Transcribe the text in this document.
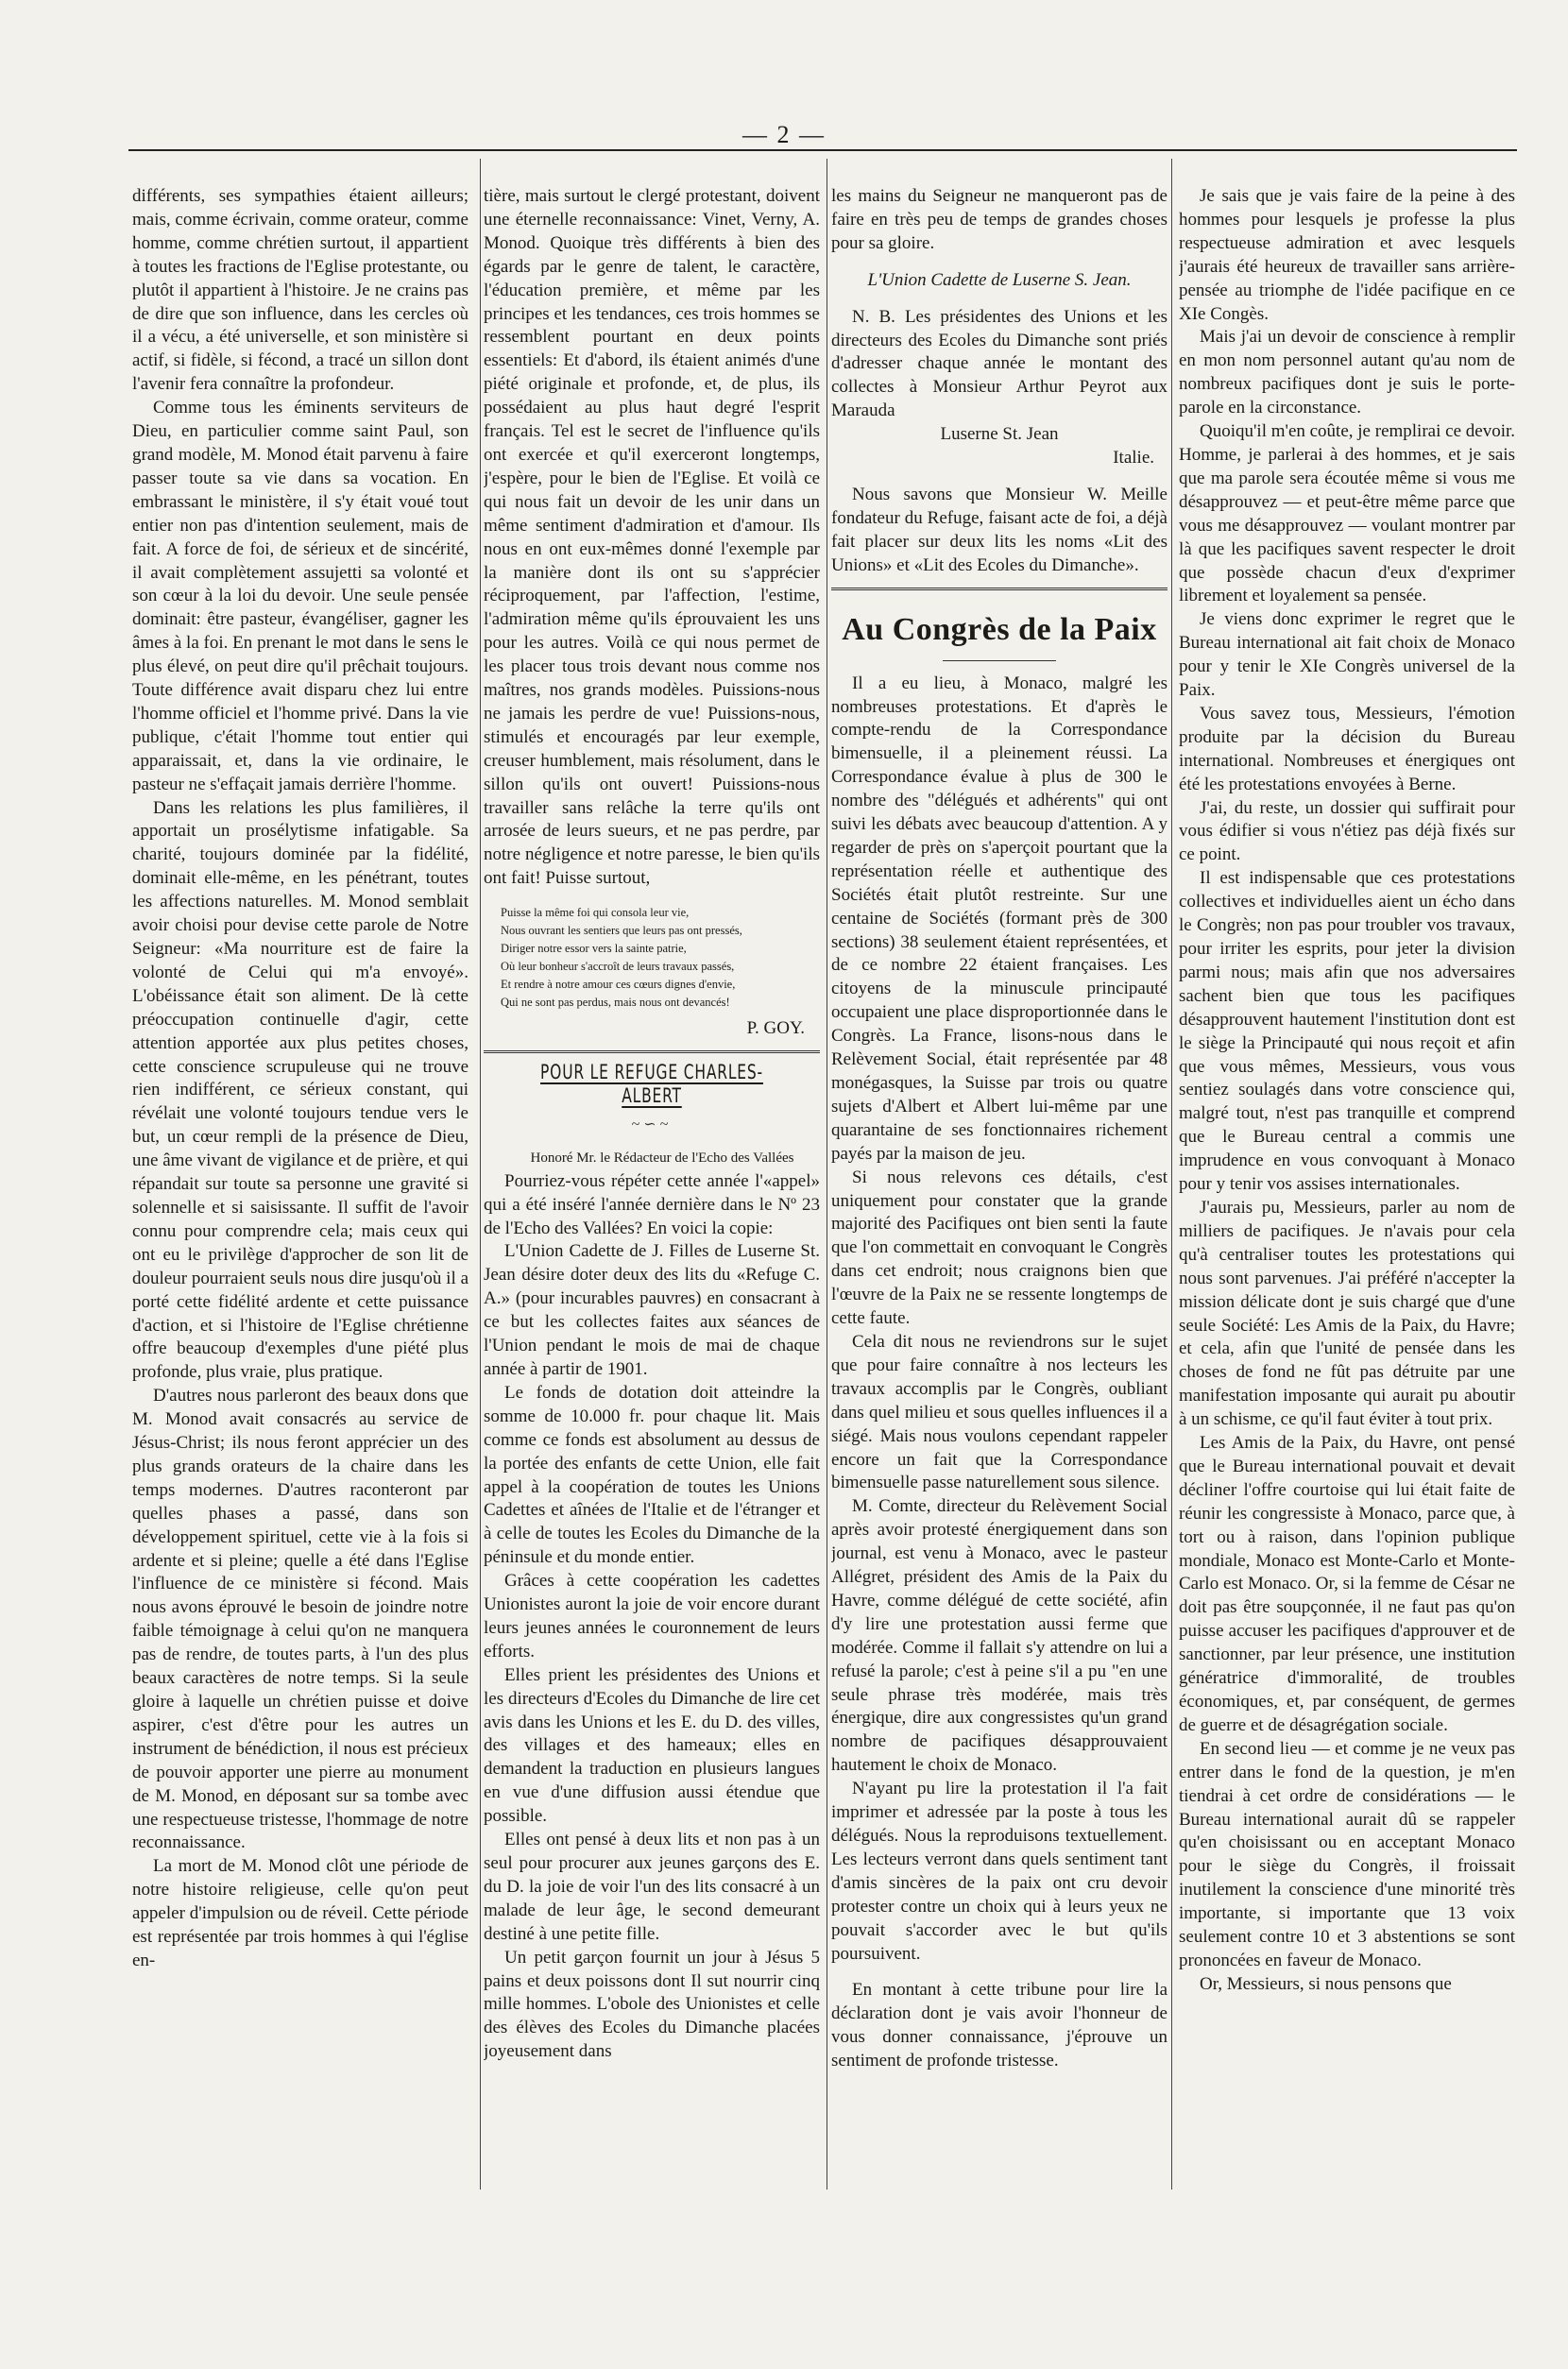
— 2 —

différents, ses sympathies étaient ailleurs; mais, comme écrivain, comme orateur, comme homme, comme chrétien surtout, il appartient à toutes les fractions de l'Eglise protestante, ou plutôt il appartient à l'histoire. Je ne crains pas de dire que son influence, dans les cercles où il a vécu, a été universelle, et son ministère si actif, si fidèle, si fécond, a tracé un sillon dont l'avenir fera connaître la profondeur.

Comme tous les éminents serviteurs de Dieu, en particulier comme saint Paul, son grand modèle, M. Monod était parvenu à faire passer toute sa vie dans sa vocation. En embrassant le ministère, il s'y était voué tout entier non pas d'intention seulement, mais de fait. A force de foi, de sérieux et de sincérité, il avait complètement assujetti sa volonté et son cœur à la loi du devoir. Une seule pensée dominait: être pasteur, évangéliser, gagner les âmes à la foi. En prenant le mot dans le sens le plus élevé, on peut dire qu'il prêchait toujours. Toute différence avait disparu chez lui entre l'homme officiel et l'homme privé. Dans la vie publique, c'était l'homme tout entier qui apparaissait, et, dans la vie ordinaire, le pasteur ne s'effaçait jamais derrière l'homme.

Dans les relations les plus familières, il apportait un prosélytisme infatigable. Sa charité, toujours dominée par la fidélité, dominait elle-même, en les pénétrant, toutes les affections naturelles. M. Monod semblait avoir choisi pour devise cette parole de Notre Seigneur: «Ma nourriture est de faire la volonté de Celui qui m'a envoyé». L'obéissance était son aliment. De là cette préoccupation continuelle d'agir, cette attention apportée aux plus petites choses, cette conscience scrupuleuse qui ne trouve rien indifférent, ce sérieux constant, qui révélait une volonté toujours tendue vers le but, un cœur rempli de la présence de Dieu, une âme vivant de vigilance et de prière, et qui répandait sur toute sa personne une gravité si solennelle et si saisissante. Il suffit de l'avoir connu pour comprendre cela; mais ceux qui ont eu le privilège d'approcher de son lit de douleur pourraient seuls nous dire jusqu'où il a porté cette fidélité ardente et cette puissance d'action, et si l'histoire de l'Eglise chrétienne offre beaucoup d'exemples d'une piété plus profonde, plus vraie, plus pratique.

D'autres nous parleront des beaux dons que M. Monod avait consacrés au service de Jésus-Christ; ils nous feront apprécier un des plus grands orateurs de la chaire dans les temps modernes. D'autres raconteront par quelles phases a passé, dans son développement spirituel, cette vie à la fois si ardente et si pleine; quelle a été dans l'Eglise l'influence de ce ministère si fécond. Mais nous avons éprouvé le besoin de joindre notre faible témoignage à celui qu'on ne manquera pas de rendre, de toutes parts, à l'un des plus beaux caractères de notre temps. Si la seule gloire à laquelle un chrétien puisse et doive aspirer, c'est d'être pour les autres un instrument de bénédiction, il nous est précieux de pouvoir apporter une pierre au monument de M. Monod, en déposant sur sa tombe avec une respectueuse tristesse, l'hommage de notre reconnaissance.

La mort de M. Monod clôt une période de notre histoire religieuse, celle qu'on peut appeler d'impulsion ou de réveil. Cette période est représentée par trois hommes à qui l'église en-

tière, mais surtout le clergé protestant, doivent une éternelle reconnaissance: Vinet, Verny, A. Monod. Quoique très différents à bien des égards par le genre de talent, le caractère, l'éducation première, et même par les principes et les tendances, ces trois hommes se ressemblent pourtant en deux points essentiels: Et d'abord, ils étaient animés d'une piété originale et profonde, et, de plus, ils possédaient au plus haut degré l'esprit français. Tel est le secret de l'influence qu'ils ont exercée et qu'il exerceront longtemps, j'espère, pour le bien de l'Eglise. Et voilà ce qui nous fait un devoir de les unir dans un même sentiment d'admiration et d'amour. Ils nous en ont eux-mêmes donné l'exemple par la manière dont ils ont su s'apprécier réciproquement, par l'affection, l'estime, l'admiration même qu'ils éprouvaient les uns pour les autres. Voilà ce qui nous permet de les placer tous trois devant nous comme nos maîtres, nos grands modèles. Puissions-nous ne jamais les perdre de vue! Puissions-nous, stimulés et encouragés par leur exemple, creuser humblement, mais résolument, dans le sillon qu'ils ont ouvert! Puissions-nous travailler sans relâche la terre qu'ils ont arrosée de leurs sueurs, et ne pas perdre, par notre négligence et notre paresse, le bien qu'ils ont fait! Puisse surtout,

Puisse la même foi qui consola leur vie,
Nous ouvrant les sentiers que leurs pas ont pressés,
Diriger notre essor vers la sainte patrie,
Où leur bonheur s'accroît de leurs travaux passés,
Et rendre à notre amour ces cœurs dignes d'envie,
Qui ne sont pas perdus, mais nous ont devancés!
P. GOY.
POUR LE REFUGE CHARLES-ALBERT
~∽~

Honoré Mr. le Rédacteur de l'Echo des Vallées

Pourriez-vous répéter cette année l'«appel» qui a été inséré l'année dernière dans le Nº 23 de l'Echo des Vallées? En voici la copie:

L'Union Cadette de J. Filles de Luserne St. Jean désire doter deux des lits du «Refuge C. A.» (pour incurables pauvres) en consacrant à ce but les collectes faites aux séances de l'Union pendant le mois de mai de chaque année à partir de 1901.

Le fonds de dotation doit atteindre la somme de 10.000 fr. pour chaque lit. Mais comme ce fonds est absolument au dessus de la portée des enfants de cette Union, elle fait appel à la coopération de toutes les Unions Cadettes et aînées de l'Italie et de l'étranger et à celle de toutes les Ecoles du Dimanche de la péninsule et du monde entier.

Grâces à cette coopération les cadettes Unionistes auront la joie de voir encore durant leurs jeunes années le couronnement de leurs efforts.

Elles prient les présidentes des Unions et les directeurs d'Ecoles du Dimanche de lire cet avis dans les Unions et les E. du D. des villes, des villages et des hameaux; elles en demandent la traduction en plusieurs langues en vue d'une diffusion aussi étendue que possible.

Elles ont pensé à deux lits et non pas à un seul pour procurer aux jeunes garçons des E. du D. la joie de voir l'un des lits consacré à un malade de leur âge, le second demeurant destiné à une petite fille.

Un petit garçon fournit un jour à Jésus 5 pains et deux poissons dont Il sut nourrir cinq mille hommes. L'obole des Unionistes et celle des élèves des Ecoles du Dimanche placées joyeusement dans

les mains du Seigneur ne manqueront pas de faire en très peu de temps de grandes choses pour sa gloire.

L'Union Cadette de Luserne S. Jean.

N. B. Les présidentes des Unions et les directeurs des Ecoles du Dimanche sont priés d'adresser chaque année le montant des collectes à Monsieur Arthur Peyrot aux Marauda

Luserne St. Jean

Italie.

Nous savons que Monsieur W. Meille fondateur du Refuge, faisant acte de foi, a déjà fait placer sur deux lits les noms «Lit des Unions» et «Lit des Ecoles du Dimanche».

Au Congrès de la Paix

Il a eu lieu, à Monaco, malgré les nombreuses protestations. Et d'après le compte-rendu de la Correspondance bimensuelle, il a pleinement réussi. La Correspondance évalue à plus de 300 le nombre des "délégués et adhérents" qui ont suivi les débats avec beaucoup d'attention. A y regarder de près on s'aperçoit pourtant que la représentation réelle et authentique des Sociétés était plutôt restreinte. Sur une centaine de Sociétés (formant près de 300 sections) 38 seulement étaient représentées, et de ce nombre 22 étaient françaises. Les citoyens de la minuscule principauté occupaient une place disproportionnée dans le Congrès. La France, lisons-nous dans le Relèvement Social, était représentée par 48 monégasques, la Suisse par trois ou quatre sujets d'Albert et Albert lui-même par une quarantaine de ses fonctionnaires richement payés par la maison de jeu.

Si nous relevons ces détails, c'est uniquement pour constater que la grande majorité des Pacifiques ont bien senti la faute que l'on commettait en convoquant le Congrès dans cet endroit; nous craignons bien que l'œuvre de la Paix ne se ressente longtemps de cette faute.

Cela dit nous ne reviendrons sur le sujet que pour faire connaître à nos lecteurs les travaux accomplis par le Congrès, oubliant dans quel milieu et sous quelles influences il a siégé. Mais nous voulons cependant rappeler encore un fait que la Correspondance bimensuelle passe naturellement sous silence.

M. Comte, directeur du Relèvement Social après avoir protesté énergiquement dans son journal, est venu à Monaco, avec le pasteur Allégret, président des Amis de la Paix du Havre, comme délégué de cette société, afin d'y lire une protestation aussi ferme que modérée. Comme il fallait s'y attendre on lui a refusé la parole; c'est à peine s'il a pu "en une seule phrase très modérée, mais très énergique, dire aux congressistes qu'un grand nombre de pacifiques désapprouvaient hautement le choix de Monaco.

N'ayant pu lire la protestation il l'a fait imprimer et adressée par la poste à tous les délégués. Nous la reproduisons textuellement. Les lecteurs verront dans quels sentiment tant d'amis sincères de la paix ont cru devoir protester contre un choix qui à leurs yeux ne pouvait s'accorder avec le but qu'ils poursuivent.

En montant à cette tribune pour lire la déclaration dont je vais avoir l'honneur de vous donner connaissance, j'éprouve un sentiment de profonde tristesse.

Je sais que je vais faire de la peine à des hommes pour lesquels je professe la plus respectueuse admiration et avec lesquels j'aurais été heureux de travailler sans arrière-pensée au triomphe de l'idée pacifique en ce XIe Congès.

Mais j'ai un devoir de conscience à remplir en mon nom personnel autant qu'au nom de nombreux pacifiques dont je suis le porte-parole en la circonstance.

Quoiqu'il m'en coûte, je remplirai ce devoir. Homme, je parlerai à des hommes, et je sais que ma parole sera écoutée même si vous me désapprouvez — et peut-être même parce que vous me désapprouvez — voulant montrer par là que les pacifiques savent respecter le droit que possède chacun d'eux d'exprimer librement et loyalement sa pensée.

Je viens donc exprimer le regret que le Bureau international ait fait choix de Monaco pour y tenir le XIe Congrès universel de la Paix.

Vous savez tous, Messieurs, l'émotion produite par la décision du Bureau international. Nombreuses et énergiques ont été les protestations envoyées à Berne.

J'ai, du reste, un dossier qui suffirait pour vous édifier si vous n'étiez pas déjà fixés sur ce point.

Il est indispensable que ces protestations collectives et individuelles aient un écho dans le Congrès; non pas pour troubler vos travaux, pour irriter les esprits, pour jeter la division parmi nous; mais afin que nos adversaires sachent bien que tous les pacifiques désapprouvent hautement l'institution dont est le siège la Principauté qui nous reçoit et afin que vous mêmes, Messieurs, vous vous sentiez soulagés dans votre conscience qui, malgré tout, n'est pas tranquille et comprend que le Bureau central a commis une imprudence en vous convoquant à Monaco pour y tenir vos assises internationales.

J'aurais pu, Messieurs, parler au nom de milliers de pacifiques. Je n'avais pour cela qu'à centraliser toutes les protestations qui nous sont parvenues. J'ai préféré n'accepter la mission délicate dont je suis chargé que d'une seule Société: Les Amis de la Paix, du Havre; et cela, afin que l'unité de pensée dans les choses de fond ne fût pas détruite par une manifestation imposante qui aurait pu aboutir à un schisme, ce qu'il faut éviter à tout prix.

Les Amis de la Paix, du Havre, ont pensé que le Bureau international pouvait et devait décliner l'offre courtoise qui lui était faite de réunir les congressiste à Monaco, parce que, à tort ou à raison, dans l'opinion publique mondiale, Monaco est Monte-Carlo et Monte-Carlo est Monaco. Or, si la femme de César ne doit pas être soupçonnée, il ne faut pas qu'on puisse accuser les pacifiques d'approuver et de sanctionner, par leur présence, une institution génératrice d'immoralité, de troubles économiques, et, par conséquent, de germes de guerre et de désagrégation sociale.

En second lieu — et comme je ne veux pas entrer dans le fond de la question, je m'en tiendrai à cet ordre de considérations — le Bureau international aurait dû se rappeler qu'en choisissant ou en acceptant Monaco pour le siège du Congrès, il froissait inutilement la conscience d'une minorité très importante, si importante que 13 voix seulement contre 10 et 3 abstentions se sont prononcées en faveur de Monaco.

Or, Messieurs, si nous pensons que
